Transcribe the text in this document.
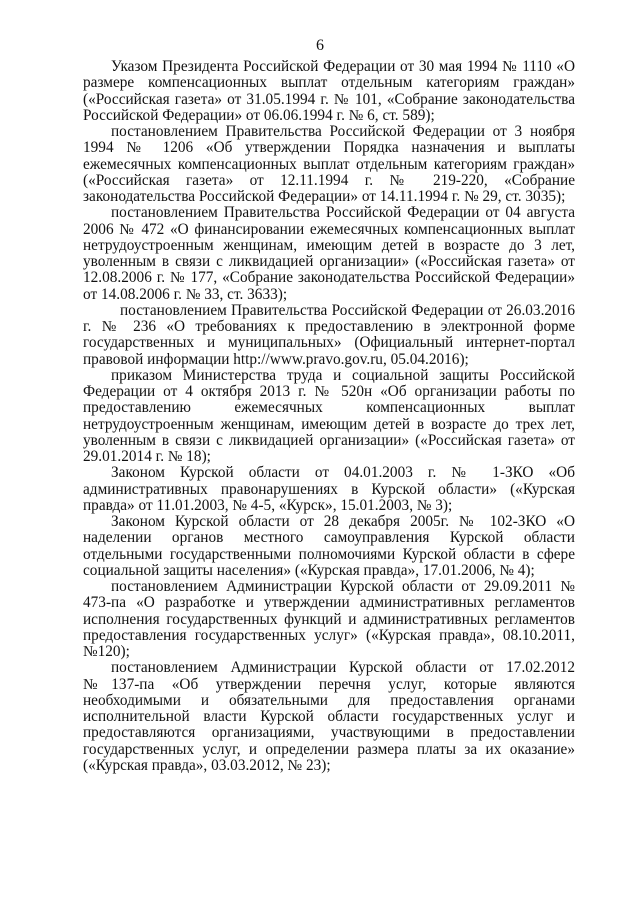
6

Указом Президента Российской Федерации от 30 мая 1994 № 1110 «О размере компенсационных выплат отдельным категориям граждан» («Российская газета» от 31.05.1994 г. № 101, «Собрание законодательства Российской Федерации» от 06.06.1994 г. № 6, ст. 589);

постановлением Правительства Российской Федерации от 3 ноября 1994 № 1206 «Об утверждении Порядка назначения и выплаты ежемесячных компенсационных выплат отдельным категориям граждан» («Российская газета» от 12.11.1994 г. № 219-220, «Собрание законодательства Российской Федерации» от 14.11.1994 г. № 29, ст. 3035);

постановлением Правительства Российской Федерации от 04 августа 2006 № 472 «О финансировании ежемесячных компенсационных выплат нетрудоустроенным женщинам, имеющим детей в возрасте до 3 лет, уволенным в связи с ликвидацией организации» («Российская газета» от 12.08.2006 г. № 177, «Собрание законодательства Российской Федерации» от 14.08.2006 г. № 33, ст. 3633);

постановлением Правительства Российской Федерации от 26.03.2016 г. № 236 «О требованиях к предоставлению в электронной форме государственных и муниципальных» (Официальный интернет-портал правовой информации http://www.pravo.gov.ru, 05.04.2016);

приказом Министерства труда и социальной защиты Российской Федерации от 4 октября 2013 г. № 520н «Об организации работы по предоставлению ежемесячных компенсационных выплат нетрудоустроенным женщинам, имеющим детей в возрасте до трех лет, уволенным в связи с ликвидацией организации» («Российская газета» от 29.01.2014 г. № 18);

Законом Курской области от 04.01.2003 г. № 1-ЗКО «Об административных правонарушениях в Курской области» («Курская правда» от 11.01.2003, № 4-5, «Курск», 15.01.2003, № 3);

Законом Курской области от 28 декабря 2005г. № 102-ЗКО «О наделении органов местного самоуправления Курской области отдельными государственными полномочиями Курской области в сфере социальной защиты населения» («Курская правда», 17.01.2006, № 4);

постановлением Администрации Курской области от 29.09.2011 № 473-па «О разработке и утверждении административных регламентов исполнения государственных функций и административных регламентов предоставления государственных услуг» («Курская правда», 08.10.2011, №120);

постановлением Администрации Курской области от 17.02.2012 №137-па «Об утверждении перечня услуг, которые являются необходимыми и обязательными для предоставления органами исполнительной власти Курской области государственных услуг и предоставляются организациями, участвующими в предоставлении государственных услуг, и определении размера платы за их оказание» («Курская правда», 03.03.2012, № 23);
